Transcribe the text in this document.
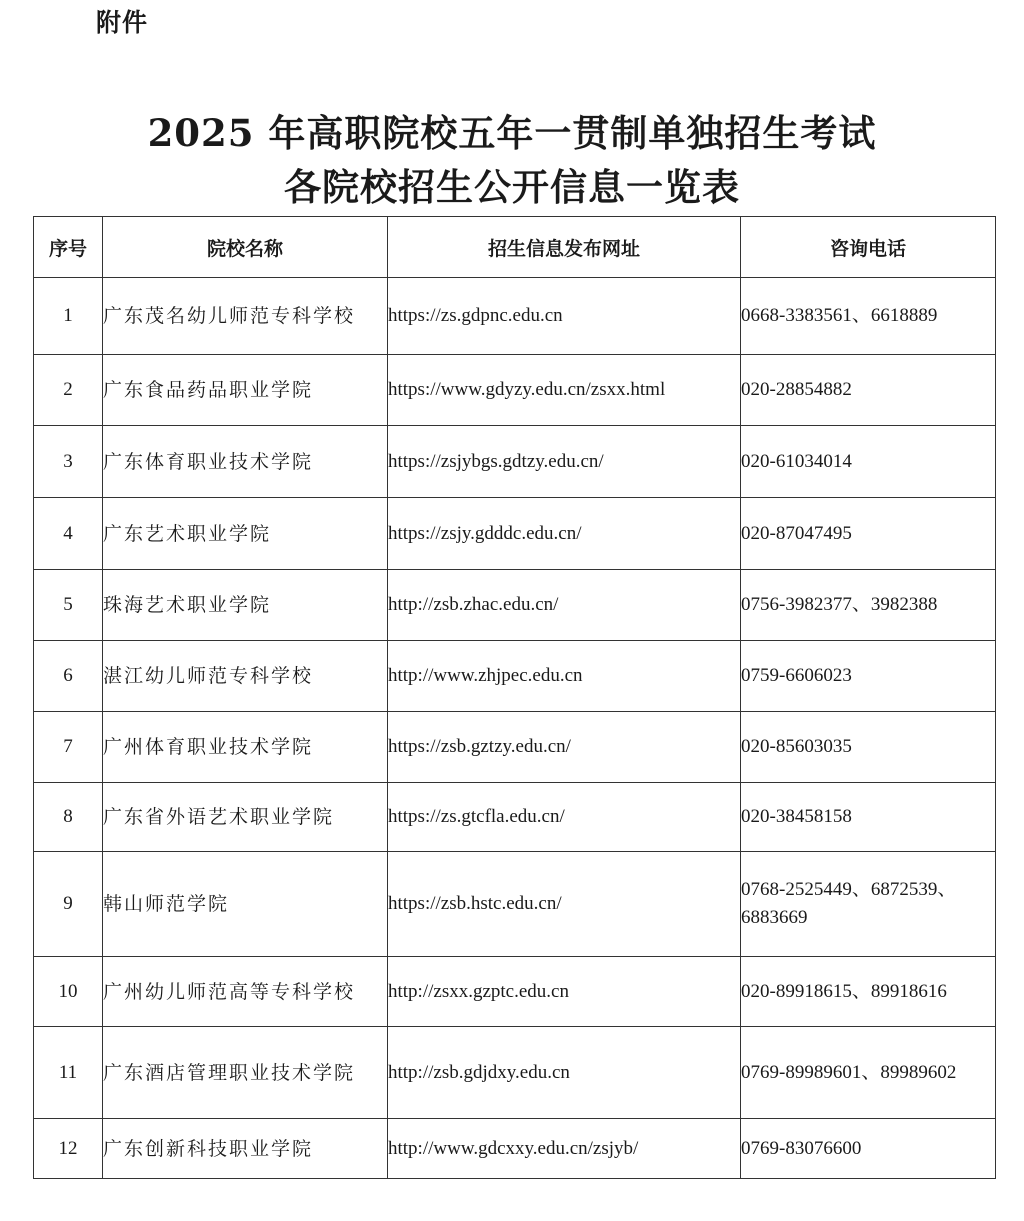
附件
2025 年高职院校五年一贯制单独招生考试
各院校招生公开信息一览表
序号	院校名称	招生信息发布网址	咨询电话
1	广东茂名幼儿师范专科学校	https://zs.gdpnc.edu.cn	0668-3383561、6618889
2	广东食品药品职业学院	https://www.gdyzy.edu.cn/zsxx.html	020-28854882
3	广东体育职业技术学院	https://zsjybgs.gdtzy.edu.cn/	020-61034014
4	广东艺术职业学院	https://zsjy.gdddc.edu.cn/	020-87047495
5	珠海艺术职业学院	http://zsb.zhac.edu.cn/	0756-3982377、3982388
6	湛江幼儿师范专科学校	http://www.zhjpec.edu.cn	0759-6606023
7	广州体育职业技术学院	https://zsb.gztzy.edu.cn/	020-85603035
8	广东省外语艺术职业学院	https://zs.gtcfla.edu.cn/	020-38458158
9	韩山师范学院	https://zsb.hstc.edu.cn/	0768-2525449、6872539、6883669
10	广州幼儿师范高等专科学校	http://zsxx.gzptc.edu.cn	020-89918615、89918616
11	广东酒店管理职业技术学院	http://zsb.gdjdxy.edu.cn	0769-89989601、89989602
12	广东创新科技职业学院	http://www.gdcxxy.edu.cn/zsjyb/	0769-83076600
